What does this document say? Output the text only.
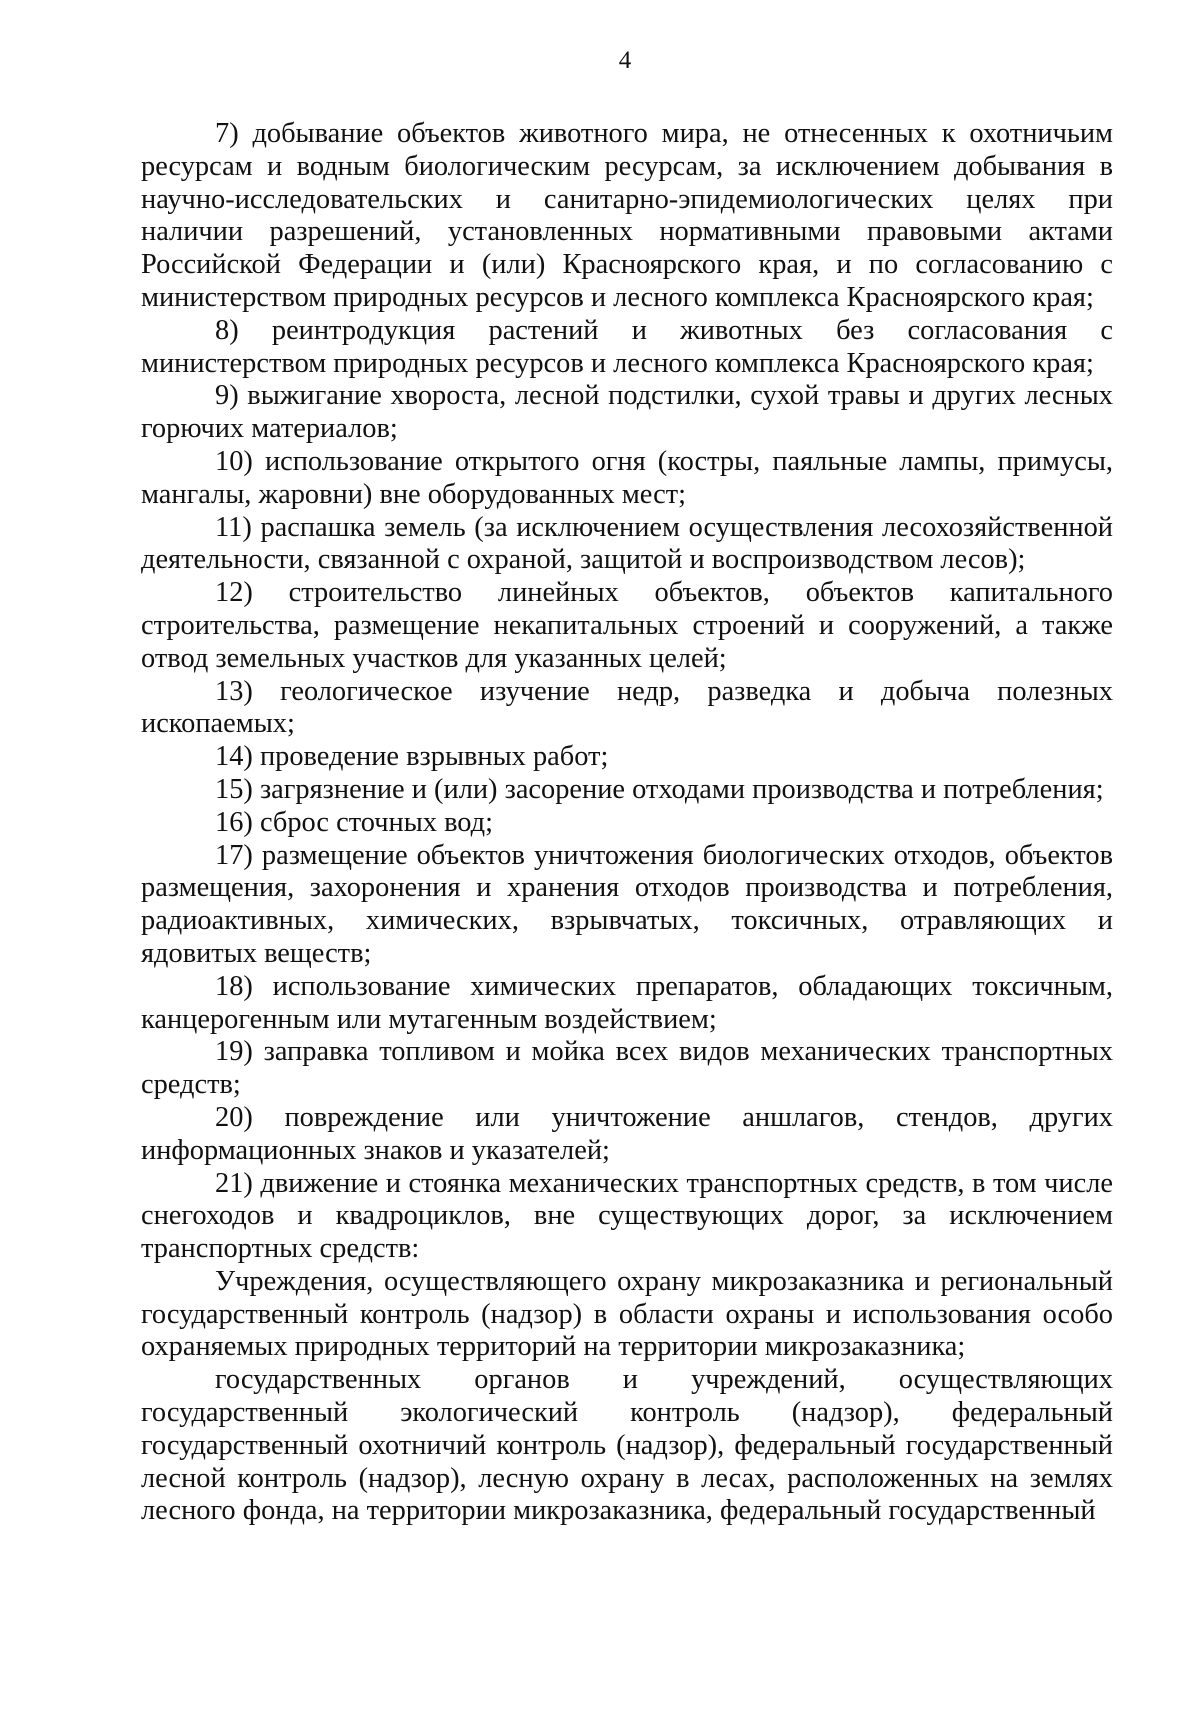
4

7) добывание объектов животного мира, не отнесенных к охотничьим ресурсам и водным биологическим ресурсам, за исключением добывания в научно-исследовательских и санитарно-эпидемиологических целях при наличии разрешений, установленных нормативными правовыми актами Российской Федерации и (или) Красноярского края, и по согласованию с министерством природных ресурсов и лесного комплекса Красноярского края;

8) реинтродукция растений и животных без согласования с министерством природных ресурсов и лесного комплекса Красноярского края;

9) выжигание хвороста, лесной подстилки, сухой травы и других лесных горючих материалов;

10) использование открытого огня (костры, паяльные лампы, примусы, мангалы, жаровни) вне оборудованных мест;

11) распашка земель (за исключением осуществления лесохозяйственной деятельности, связанной с охраной, защитой и воспроизводством лесов);

12) строительство линейных объектов, объектов капитального строительства, размещение некапитальных строений и сооружений, а также отвод земельных участков для указанных целей;

13) геологическое изучение недр, разведка и добыча полезных ископаемых;

14) проведение взрывных работ;

15) загрязнение и (или) засорение отходами производства и потребления;

16) сброс сточных вод;

17) размещение объектов уничтожения биологических отходов, объектов размещения, захоронения и хранения отходов производства и потребления, радиоактивных, химических, взрывчатых, токсичных, отравляющих и ядовитых веществ;

18) использование химических препаратов, обладающих токсичным, канцерогенным или мутагенным воздействием;

19) заправка топливом и мойка всех видов механических транспортных средств;

20) повреждение или уничтожение аншлагов, стендов, других информационных знаков и указателей;

21) движение и стоянка механических транспортных средств, в том числе снегоходов и квадроциклов, вне существующих дорог, за исключением транспортных средств:

Учреждения, осуществляющего охрану микрозаказника и региональный государственный контроль (надзор) в области охраны и использования особо охраняемых природных территорий на территории микрозаказника;

государственных органов и учреждений, осуществляющих государственный экологический контроль (надзор), федеральный государственный охотничий контроль (надзор), федеральный государственный лесной контроль (надзор), лесную охрану в лесах, расположенных на землях лесного фонда, на территории микрозаказника, федеральный государственный
